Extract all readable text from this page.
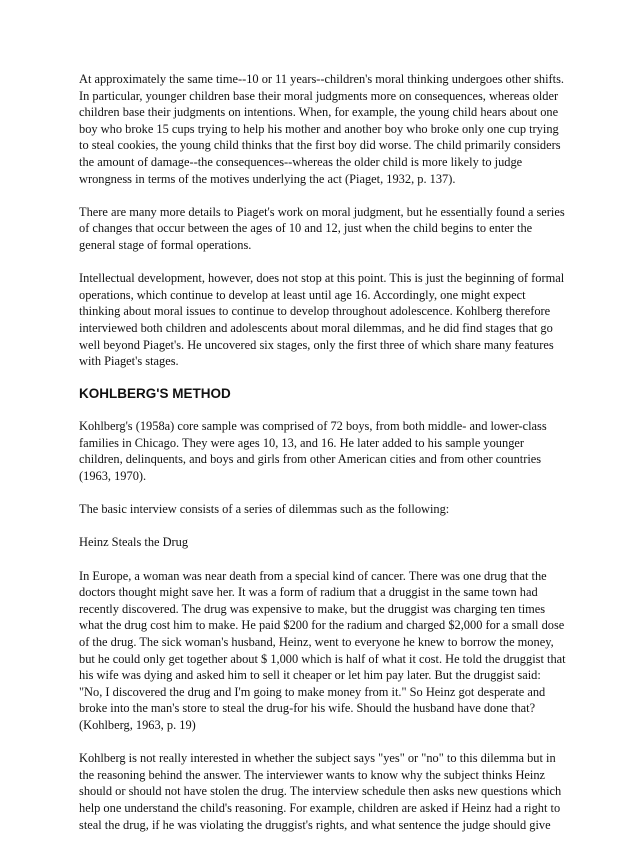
At approximately the same time--10 or 11 years--children's moral thinking undergoes other shifts. In particular, younger children base their moral judgments more on consequences, whereas older children base their judgments on intentions. When, for example, the young child hears about one boy who broke 15 cups trying to help his mother and another boy who broke only one cup trying to steal cookies, the young child thinks that the first boy did worse. The child primarily considers the amount of damage--the consequences--whereas the older child is more likely to judge wrongness in terms of the motives underlying the act (Piaget, 1932, p. 137).

There are many more details to Piaget's work on moral judgment, but he essentially found a series of changes that occur between the ages of 10 and 12, just when the child begins to enter the general stage of formal operations.

Intellectual development, however, does not stop at this point. This is just the beginning of formal operations, which continue to develop at least until age 16. Accordingly, one might expect thinking about moral issues to continue to develop throughout adolescence. Kohlberg therefore interviewed both children and adolescents about moral dilemmas, and he did find stages that go well beyond Piaget's. He uncovered six stages, only the first three of which share many features with Piaget's stages.

KOHLBERG'S METHOD

Kohlberg's (1958a) core sample was comprised of 72 boys, from both middle- and lower-class families in Chicago. They were ages 10, 13, and 16. He later added to his sample younger children, delinquents, and boys and girls from other American cities and from other countries (1963, 1970).

The basic interview consists of a series of dilemmas such as the following:

Heinz Steals the Drug

In Europe, a woman was near death from a special kind of cancer. There was one drug that the doctors thought might save her. It was a form of radium that a druggist in the same town had recently discovered. The drug was expensive to make, but the druggist was charging ten times what the drug cost him to make. He paid $200 for the radium and charged $2,000 for a small dose of the drug. The sick woman's husband, Heinz, went to everyone he knew to borrow the money, but he could only get together about $ 1,000 which is half of what it cost. He told the druggist that his wife was dying and asked him to sell it cheaper or let him pay later. But the druggist said: "No, I discovered the drug and I'm going to make money from it." So Heinz got desperate and broke into the man's store to steal the drug-for his wife. Should the husband have done that? (Kohlberg, 1963, p. 19)

Kohlberg is not really interested in whether the subject says "yes" or "no" to this dilemma but in the reasoning behind the answer. The interviewer wants to know why the subject thinks Heinz should or should not have stolen the drug. The interview schedule then asks new questions which help one understand the child's reasoning. For example, children are asked if Heinz had a right to steal the drug, if he was violating the druggist's rights, and what sentence the judge should give
